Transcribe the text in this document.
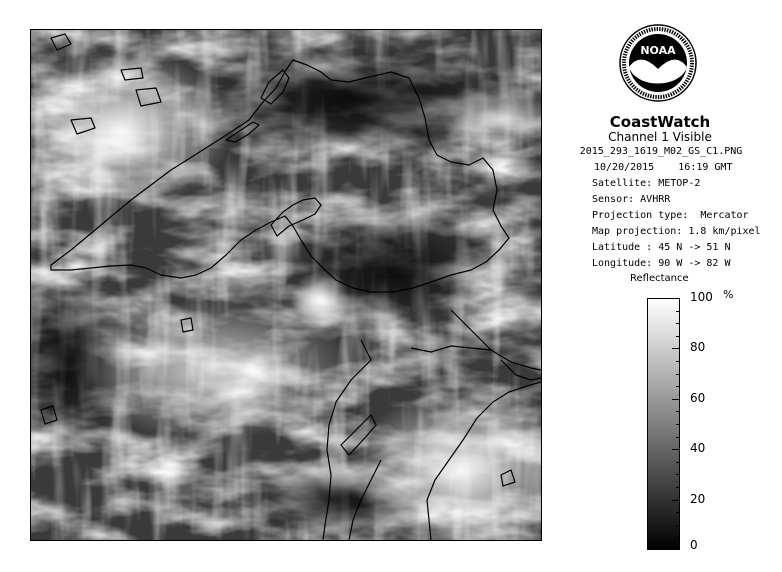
NOAA
CoastWatch
Channel 1 Visible
2015_293_1619_M02_GS_C1.PNG
10/20/2015    16:19 GMT
Satellite: METOP-2
Sensor: AVHRR
Projection type:  Mercator
Map projection: 1.8 km/pixel
Latitude : 45 N -> 51 N
Longitude: 90 W -> 82 W
Reflectance
%
100
80
60
40
20
0
